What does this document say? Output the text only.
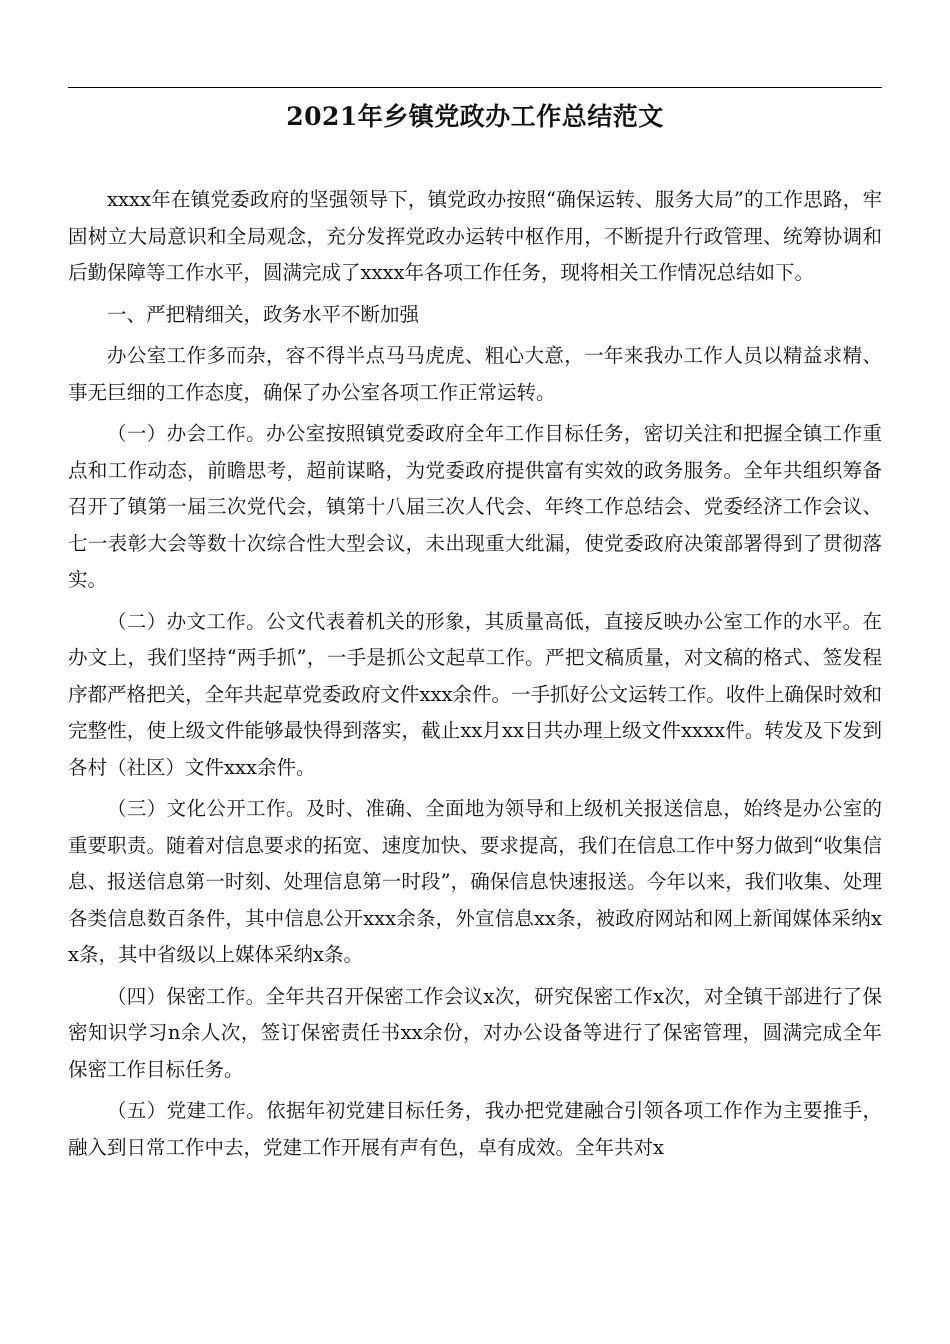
2021年乡镇党政办工作总结范文

xxxx年在镇党委政府的坚强领导下，镇党政办按照“确保运转、服务大局”的工作思路，牢固树立大局意识和全局观念，充分发挥党政办运转中枢作用，不断提升行政管理、统筹协调和后勤保障等工作水平，圆满完成了xxxx年各项工作任务，现将相关工作情况总结如下。

一、严把精细关，政务水平不断加强

办公室工作多而杂，容不得半点马马虎虎、粗心大意，一年来我办工作人员以精益求精、事无巨细的工作态度，确保了办公室各项工作正常运转。

（一）办会工作。办公室按照镇党委政府全年工作目标任务，密切关注和把握全镇工作重点和工作动态，前瞻思考，超前谋略，为党委政府提供富有实效的政务服务。全年共组织筹备召开了镇第一届三次党代会，镇第十八届三次人代会、年终工作总结会、党委经济工作会议、七一表彰大会等数十次综合性大型会议，未出现重大纰漏，使党委政府决策部署得到了贯彻落实。

（二）办文工作。公文代表着机关的形象，其质量高低，直接反映办公室工作的水平。在办文上，我们坚持“两手抓”，一手是抓公文起草工作。严把文稿质量，对文稿的格式、签发程序都严格把关，全年共起草党委政府文件xxx余件。一手抓好公文运转工作。收件上确保时效和完整性，使上级文件能够最快得到落实，截止xx月xx日共办理上级文件xxxx件。转发及下发到各村（社区）文件xxx余件。

（三）文化公开工作。及时、准确、全面地为领导和上级机关报送信息，始终是办公室的重要职责。随着对信息要求的拓宽、速度加快、要求提高，我们在信息工作中努力做到“收集信息、报送信息第一时刻、处理信息第一时段”，确保信息快速报送。今年以来，我们收集、处理各类信息数百条件，其中信息公开xxx余条，外宣信息xx条，被政府网站和网上新闻媒体采纳xx条，其中省级以上媒体采纳x条。

（四）保密工作。全年共召开保密工作会议x次，研究保密工作x次，对全镇干部进行了保密知识学习n余人次，签订保密责任书xx余份，对办公设备等进行了保密管理，圆满完成全年保密工作目标任务。

（五）党建工作。依据年初党建目标任务，我办把党建融合引领各项工作作为主要推手，融入到日常工作中去，党建工作开展有声有色，卓有成效。全年共对x
